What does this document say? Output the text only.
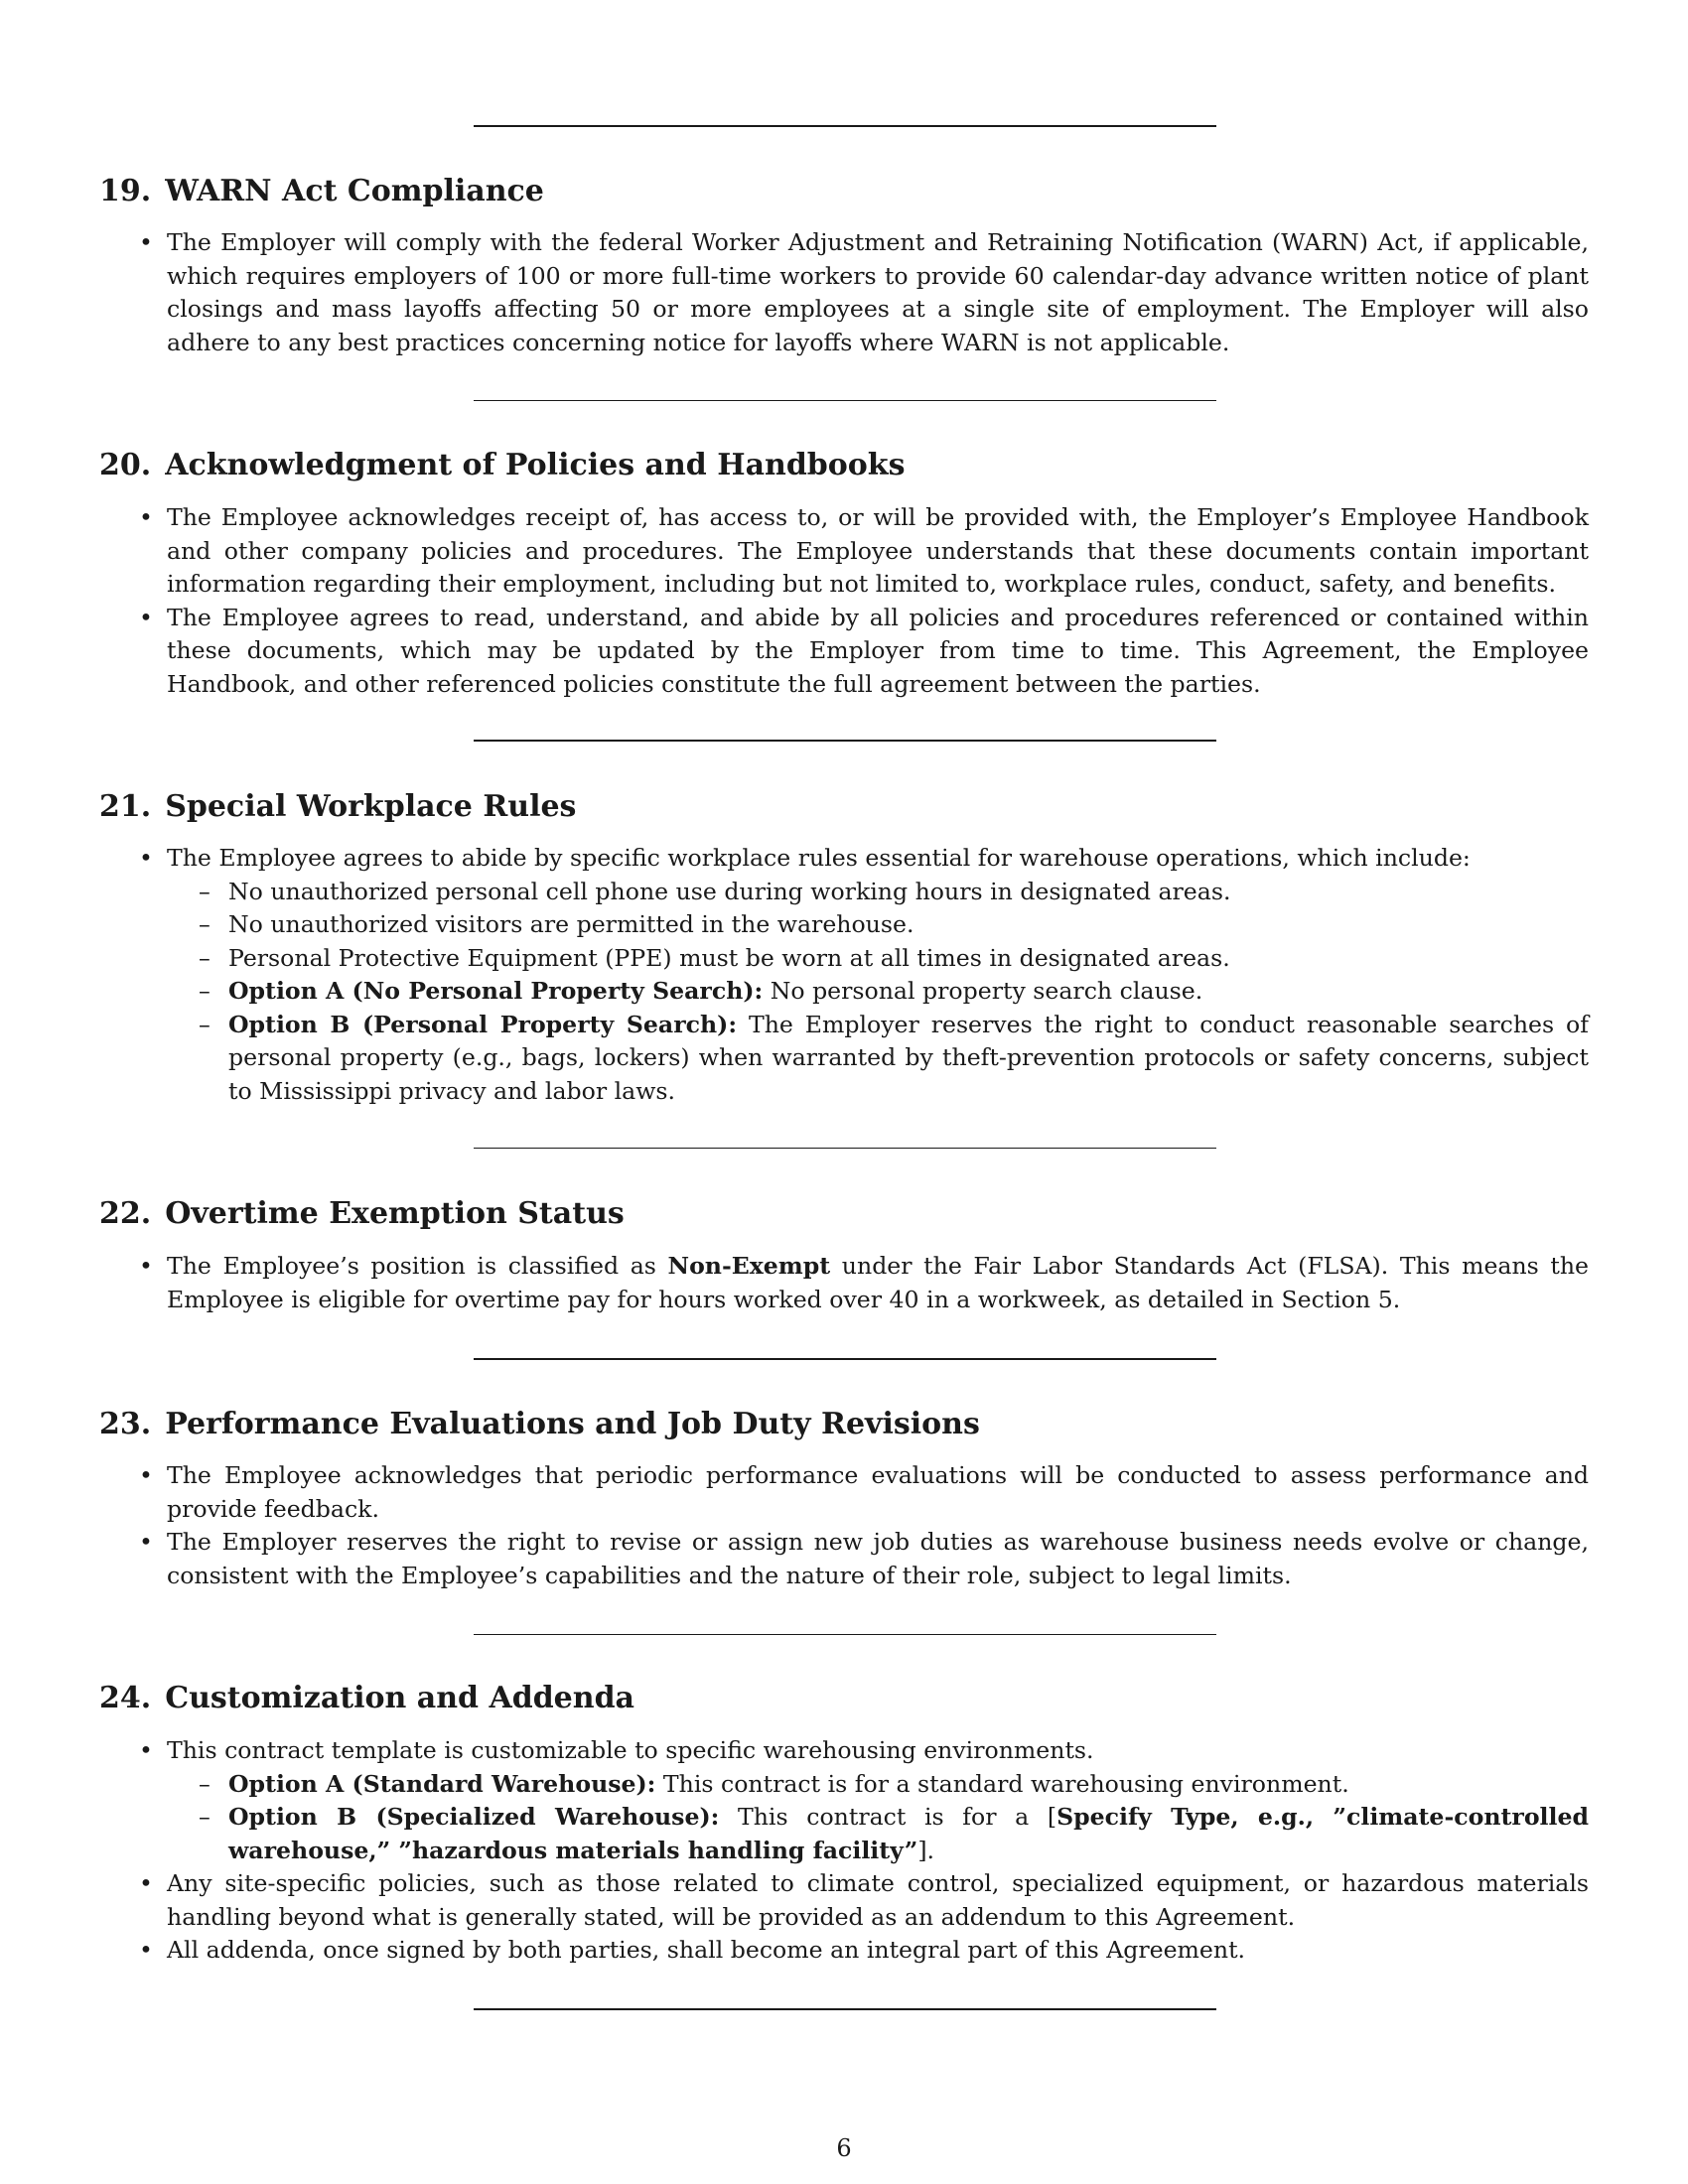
19. WARN Act Compliance
• The Employer will comply with the federal Worker Adjustment and Retraining Notification (WARN) Act, if applicable, which requires employers of 100 or more full-time workers to provide 60 calendar-day advance written notice of plant closings and mass layoffs affecting 50 or more employees at a single site of employment. The Employer will also adhere to any best practices concerning notice for layoffs where WARN is not applicable.
20. Acknowledgment of Policies and Handbooks
• The Employee acknowledges receipt of, has access to, or will be provided with, the Employer’s Employee Handbook and other company policies and procedures. The Employee understands that these documents contain important information regarding their employment, including but not limited to, workplace rules, conduct, safety, and benefits.
• The Employee agrees to read, understand, and abide by all policies and procedures referenced or contained within these documents, which may be updated by the Employer from time to time. This Agreement, the Employee Handbook, and other referenced policies constitute the full agreement between the parties.
21. Special Workplace Rules
• The Employee agrees to abide by specific workplace rules essential for warehouse operations, which include:
– No unauthorized personal cell phone use during working hours in designated areas.
– No unauthorized visitors are permitted in the warehouse.
– Personal Protective Equipment (PPE) must be worn at all times in designated areas.
– Option A (No Personal Property Search): No personal property search clause.
– Option B (Personal Property Search): The Employer reserves the right to conduct reasonable searches of personal property (e.g., bags, lockers) when warranted by theft-prevention protocols or safety concerns, subject to Mississippi privacy and labor laws.
22. Overtime Exemption Status
• The Employee’s position is classified as Non-Exempt under the Fair Labor Standards Act (FLSA). This means the Employee is eligible for overtime pay for hours worked over 40 in a workweek, as detailed in Section 5.
23. Performance Evaluations and Job Duty Revisions
• The Employee acknowledges that periodic performance evaluations will be conducted to assess performance and provide feedback.
• The Employer reserves the right to revise or assign new job duties as warehouse business needs evolve or change, consistent with the Employee’s capabilities and the nature of their role, subject to legal limits.
24. Customization and Addenda
• This contract template is customizable to specific warehousing environments.
– Option A (Standard Warehouse): This contract is for a standard warehousing environment.
– Option B (Specialized Warehouse): This contract is for a [Specify Type, e.g., ”climate-controlled warehouse,” ”hazardous materials handling facility”].
• Any site-specific policies, such as those related to climate control, specialized equipment, or hazardous materials handling beyond what is generally stated, will be provided as an addendum to this Agreement.
• All addenda, once signed by both parties, shall become an integral part of this Agreement.
6
